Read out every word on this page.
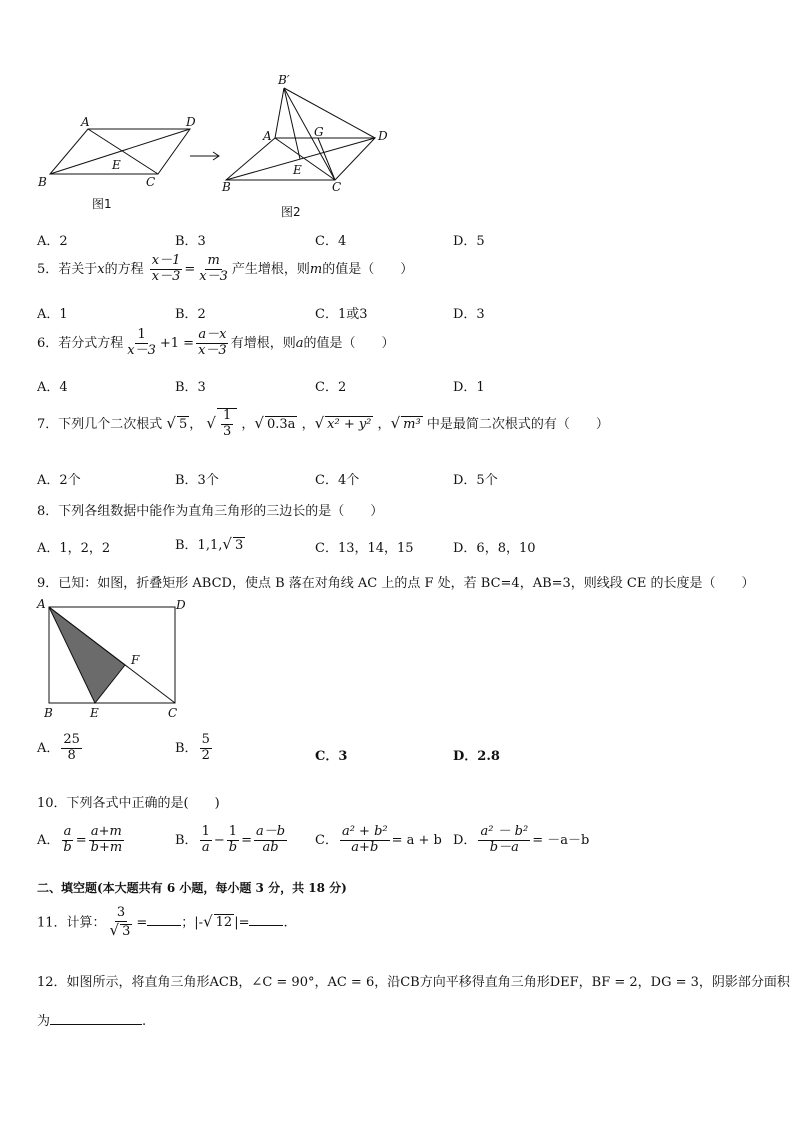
A	D
B	C
E
B′
A	G	D
E
B	C
图1
图2
A．2	B．3	C．4	D．5
5．若关于x的方程 $\frac{x-1}{x-3} = \frac{m}{x-3}$ 产生增根，则m的值是（　　）
A．1	B．2	C．1或3	D．3
6．若分式方程 $\frac{1}{x-3} +1 = \frac{a-x}{x-3}$ 有增根，则a的值是（　　）
A．4	B．3	C．2	D．1
7．下列几个二次根式 √ 5 ， √ $\frac{1}{3}$ ，√ 0.3a ，√ x² + y² ，√ m³ 中是最简二次根式的有（　　）
A．2个	B．3个	C．4个	D．5个
8．下列各组数据中能作为直角三角形的三边长的是（　　）
A．1，2，2	B．1,1,√ 3	C．13，14，15	D．6，8，10
9．已知：如图，折叠矩形 ABCD，使点 B 落在对角线 AC 上的点 F 处，若 BC=4，AB=3，则线段 CE 的长度是（　　）
A	D
F
B	E	C
A． $\frac{25}{8}$	B． $\frac{5}{2}$	C．3	D．2.8
10．下列各式中正确的是(　　)
A． $\frac{a}{b} = \frac{a+m}{b+m}$	B． $\frac{1}{a} - \frac{1}{b} = \frac{a-b}{ab}$ C． $\frac{\text{a² + b²}}{a+b} = a + b$ D． $\frac{\text{a² － b²}}{b-a} = -a-b$
二、填空题(本大题共有 6 小题，每小题 3 分，共 18 分)
11．计算： $\frac{3}{√ 3}$ =	；|-√ 12 |=	.
12．如图所示，将直角三角形ACB，∠C = 90°，AC = 6，沿CB方向平移得直角三角形DEF，BF = 2，DG = 3，阴影部分面积
为	.
